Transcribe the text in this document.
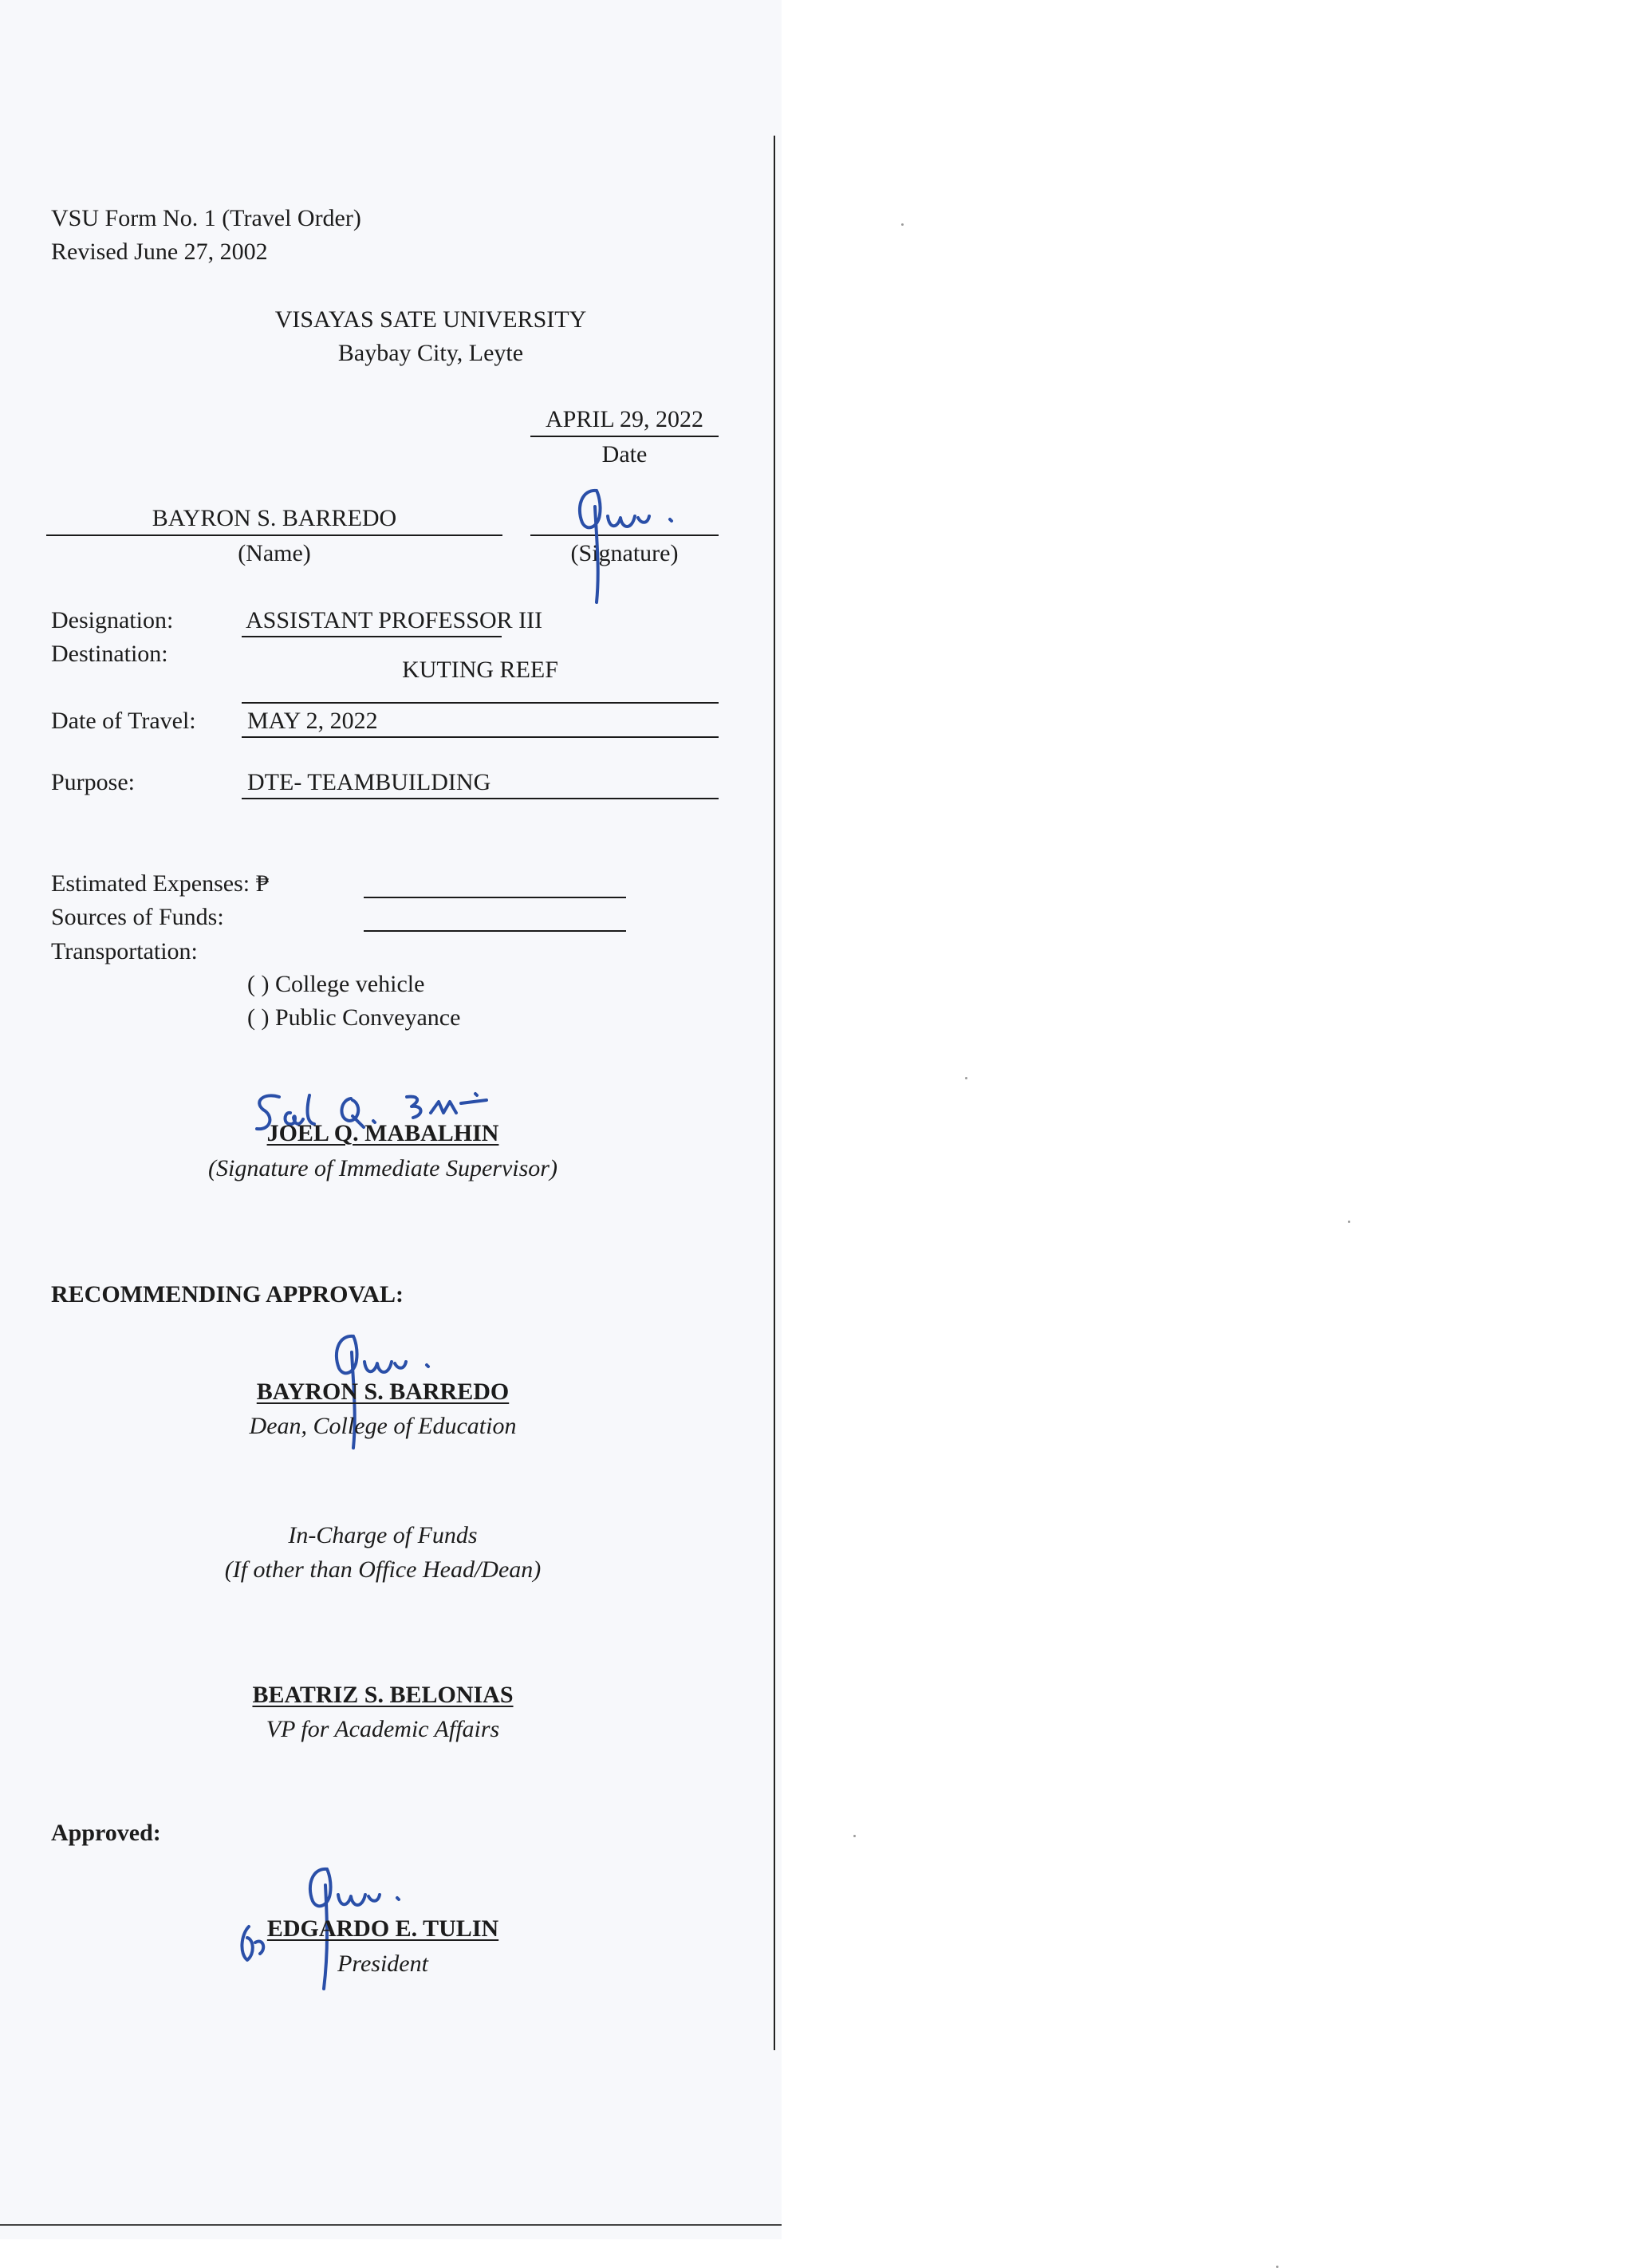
VSU Form No. 1 (Travel Order)
Revised June 27, 2002
VISAYAS SATE UNIVERSITY
Baybay City, Leyte
APRIL 29, 2022
Date
BAYRON S. BARREDO
(Name)	(Signature)
Designation:	ASSISTANT PROFESSOR III
Destination:
KUTING REEF
Date of Travel: MAY 2, 2022
Purpose:	DTE- TEAMBUILDING
Estimated Expenses: ₱
Sources of Funds:
Transportation:
( ) College vehicle
( ) Public Conveyance
JOEL Q. MABALHIN
(Signature of Immediate Supervisor)
RECOMMENDING APPROVAL:
BAYRON S. BARREDO
Dean, College of Education
In-Charge of Funds
(If other than Office Head/Dean)
BEATRIZ S. BELONIAS
VP for Academic Affairs
Approved:
EDGARDO E. TULIN
President
